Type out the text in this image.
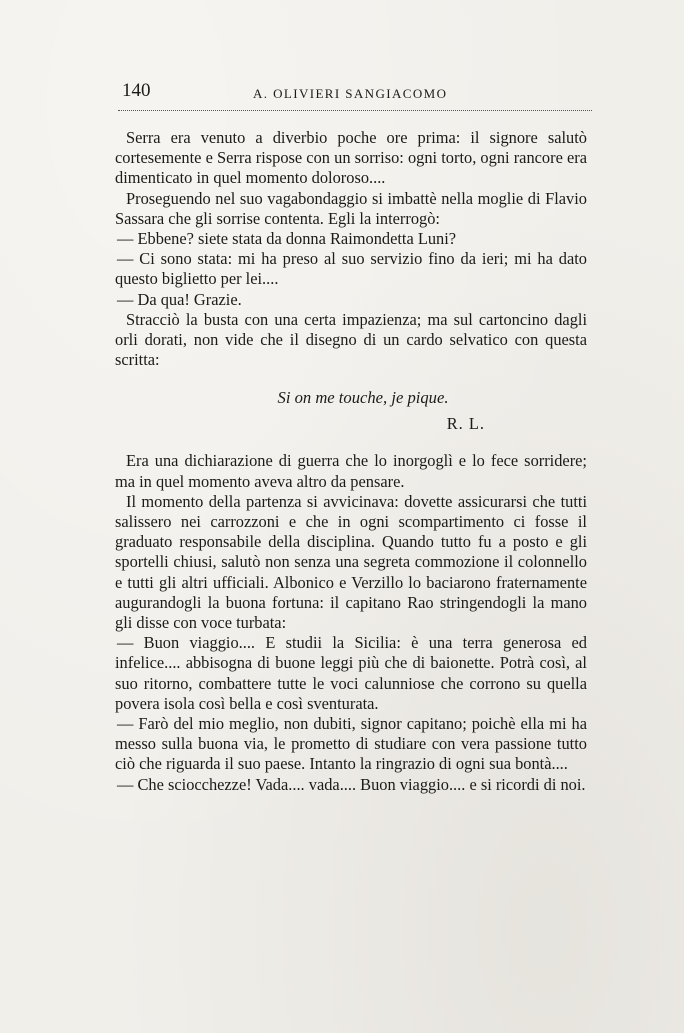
140	A. OLIVIERI SANGIACOMO

Serra era venuto a diverbio poche ore prima: il signore salutò cortesemente e Serra rispose con un sorriso: ogni torto, ogni rancore era dimenticato in quel momento doloroso....

Proseguendo nel suo vagabondaggio si imbattè nella moglie di Flavio Sassara che gli sorrise contenta. Egli la interrogò:

— Ebbene? siete stata da donna Raimondetta Luni?

— Ci sono stata: mi ha preso al suo servizio fino da ieri; mi ha dato questo biglietto per lei....

— Da qua! Grazie.

Stracciò la busta con una certa impazienza; ma sul cartoncino dagli orli dorati, non vide che il disegno di un cardo selvatico con questa scritta:

Si on me touche, je pique.
R. L.

Era una dichiarazione di guerra che lo inorgoglì e lo fece sorridere; ma in quel momento aveva altro da pensare.

Il momento della partenza si avvicinava: dovette assicurarsi che tutti salissero nei carrozzoni e che in ogni scompartimento ci fosse il graduato responsabile della disciplina. Quando tutto fu a posto e gli sportelli chiusi, salutò non senza una segreta commozione il colonnello e tutti gli altri ufficiali. Albonico e Verzillo lo baciarono fraternamente augurandogli la buona fortuna: il capitano Rao stringendogli la mano gli disse con voce turbata:

— Buon viaggio.... E studii la Sicilia: è una terra generosa ed infelice.... abbisogna di buone leggi più che di baionette. Potrà così, al suo ritorno, combattere tutte le voci calunniose che corrono su quella povera isola così bella e così sventurata.

— Farò del mio meglio, non dubiti, signor capitano; poichè ella mi ha messo sulla buona via, le prometto di studiare con vera passione tutto ciò che riguarda il suo paese. Intanto la ringrazio di ogni sua bontà....

— Che sciocchezze! Vada.... vada.... Buon viaggio.... e si ricordi di noi.
